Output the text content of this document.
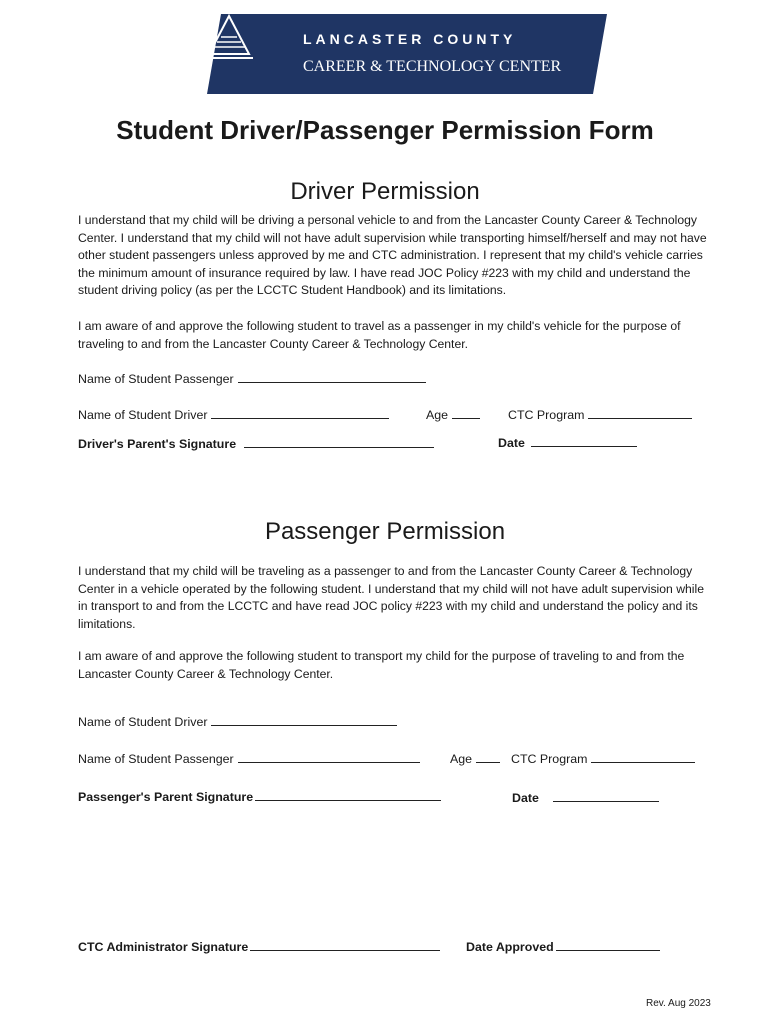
LANCASTER COUNTY
CAREER & TECHNOLOGY CENTER
Student Driver/Passenger Permission Form
Driver Permission

I understand that my child will be driving a personal vehicle to and from the Lancaster County Career & Technology Center. I understand that my child will not have adult supervision while transporting himself/herself and may not have other student passengers unless approved by me and CTC administration. I represent that my child's vehicle carries the minimum amount of insurance required by law. I have read JOC Policy #223 with my child and understand the student driving policy (as per the LCCTC Student Handbook) and its limitations.

I am aware of and approve the following student to travel as a passenger in my child's vehicle for the purpose of traveling to and from the Lancaster County Career & Technology Center.

Name of Student Passenger
Name of Student Driver	Age	CTC Program
Driver's Parent's Signature	Date
Passenger Permission

I understand that my child will be traveling as a passenger to and from the Lancaster County Career & Technology Center in a vehicle operated by the following student. I understand that my child will not have adult supervision while in transport to and from the LCCTC and have read JOC policy #223 with my child and understand the policy and its limitations.

I am aware of and approve the following student to transport my child for the purpose of traveling to and from the Lancaster County Career & Technology Center.

Name of Student Driver
Name of Student Passenger	Age	CTC Program
Passenger's Parent Signature	Date
CTC Administrator Signature	Date Approved
Rev. Aug 2023
